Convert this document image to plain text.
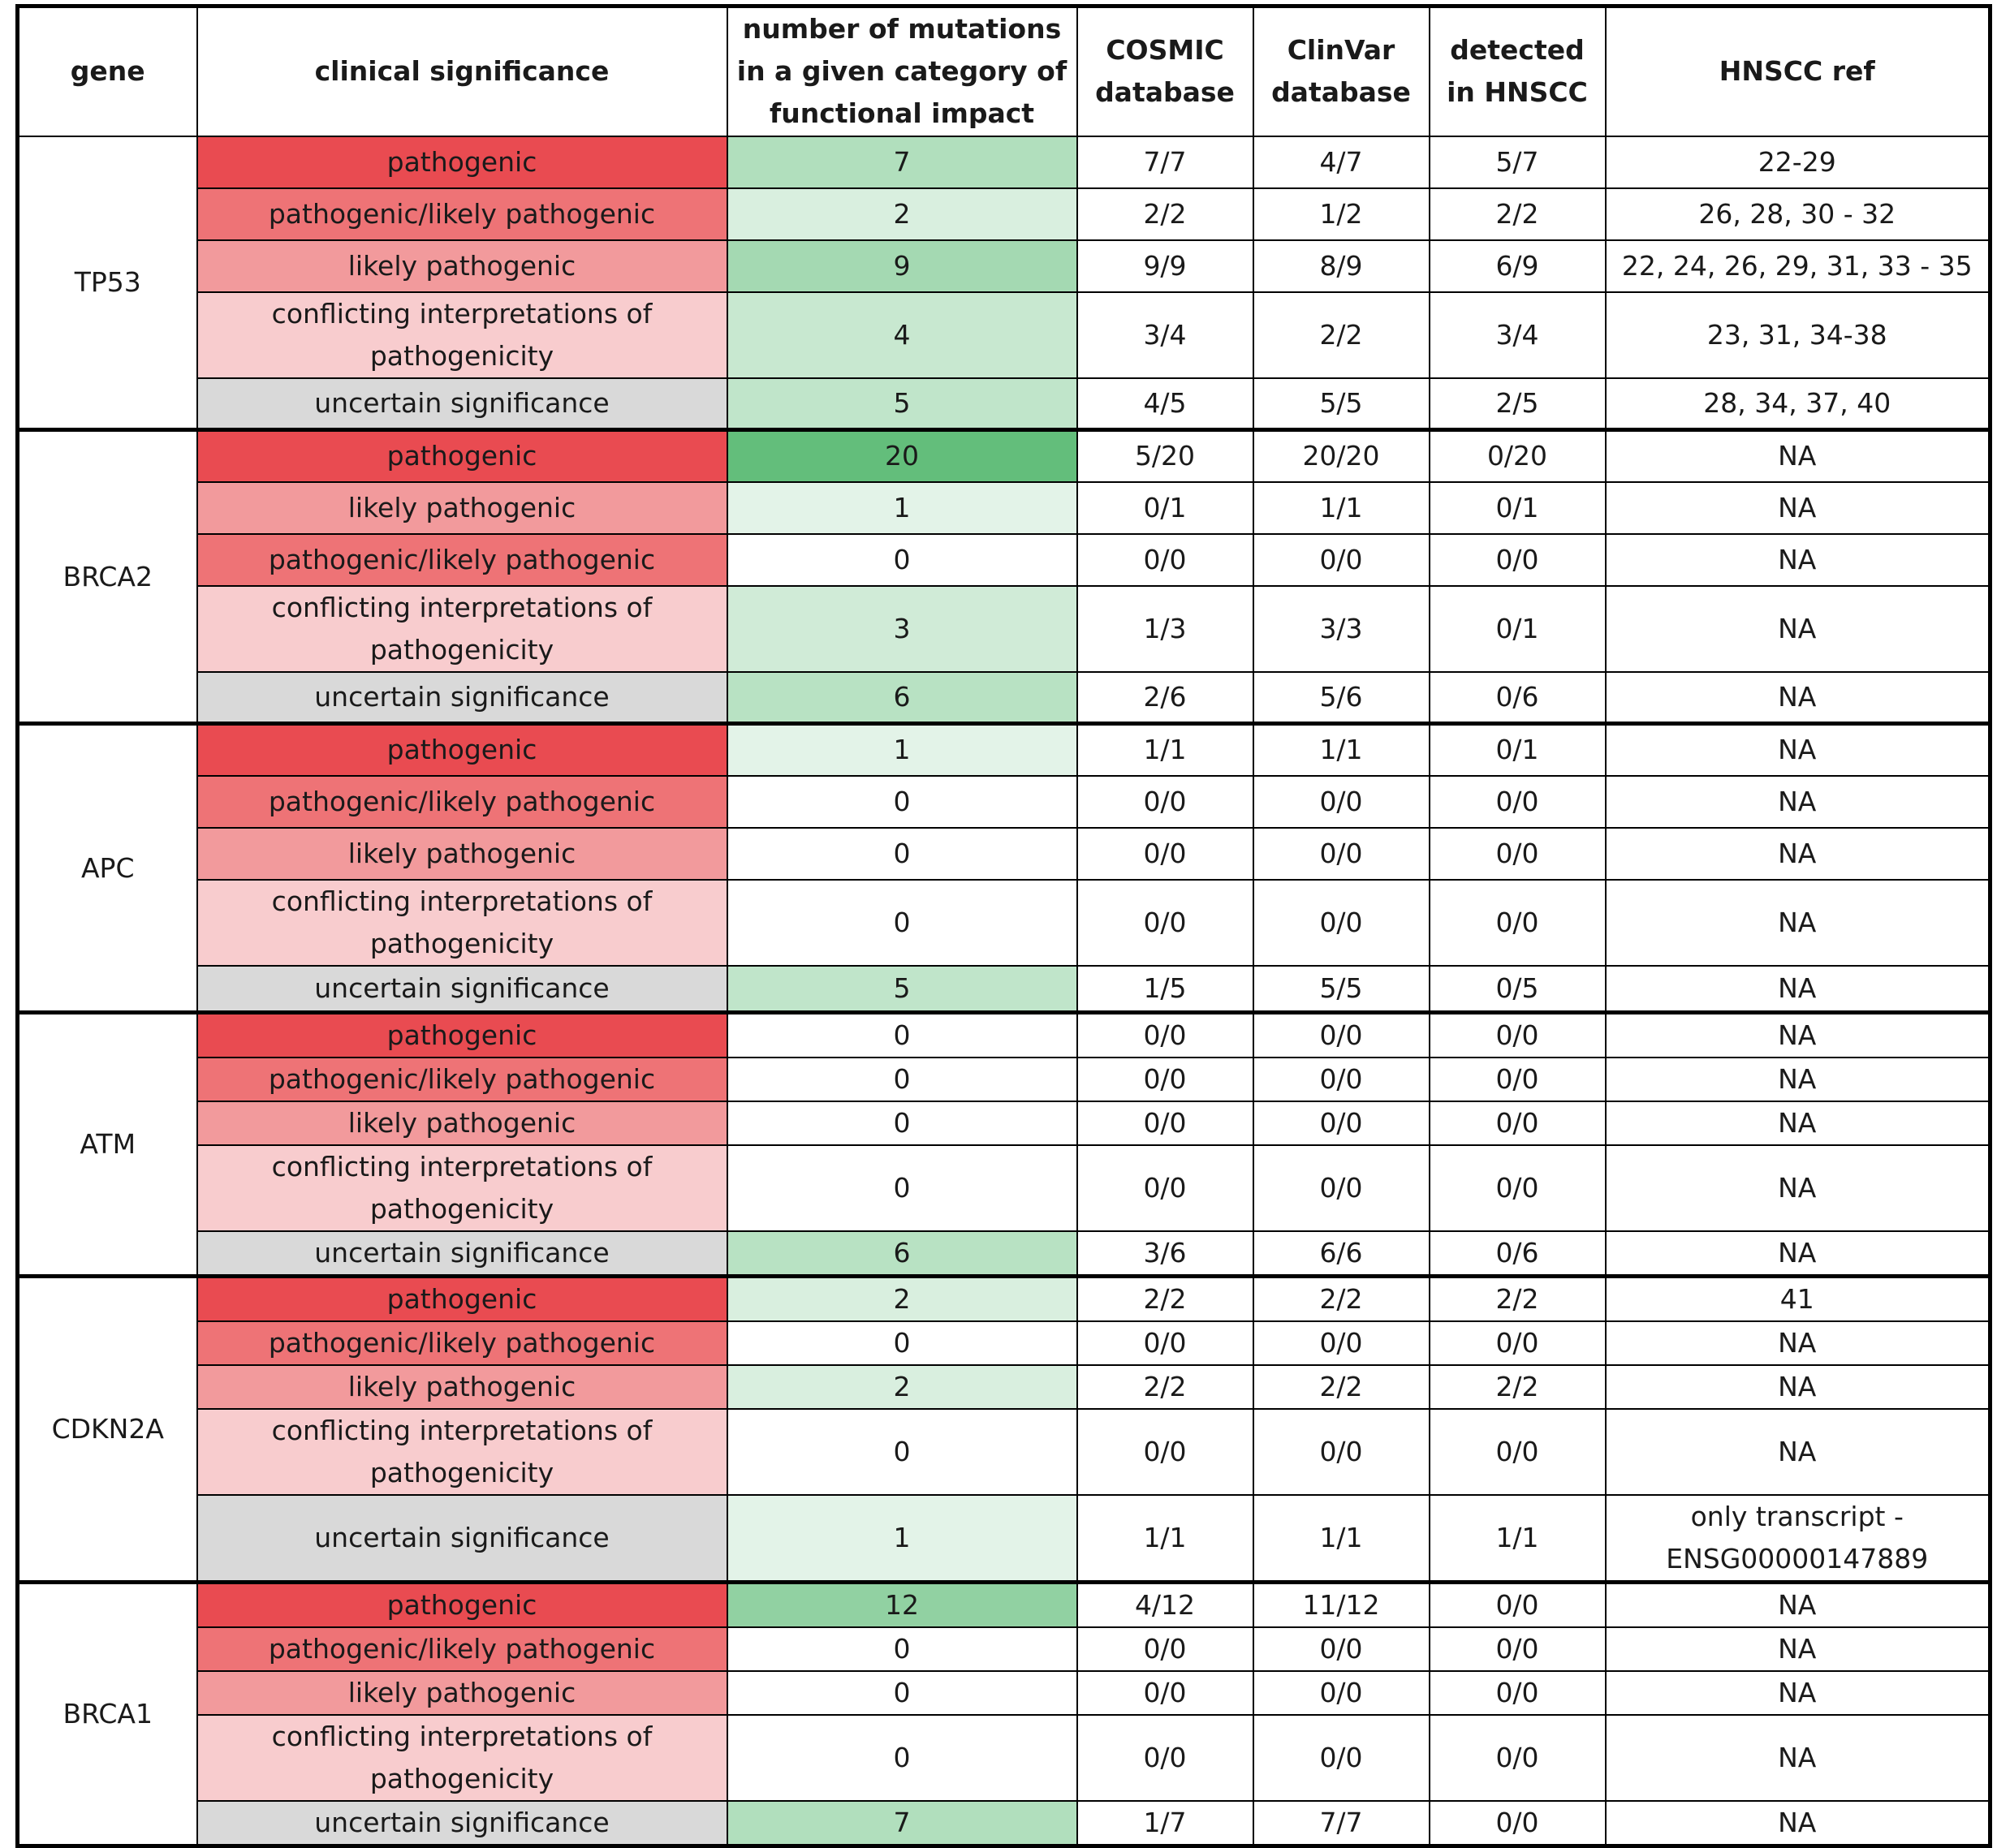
gene	clinical significance	number of mutations in a given category of functional impact	COSMIC database	ClinVar database	detected in HNSCC	HNSCC ref
TP53	pathogenic	7	7/7	4/7	5/7	22-29
	pathogenic/likely pathogenic	2	2/2	1/2	2/2	26, 28, 30 - 32
	likely pathogenic	9	9/9	8/9	6/9	22, 24, 26, 29, 31, 33 - 35
	conflicting interpretations of pathogenicity	4	3/4	2/2	3/4	23, 31, 34-38
	uncertain significance	5	4/5	5/5	2/5	28, 34, 37, 40
BRCA2	pathogenic	20	5/20	20/20	0/20	NA
	likely pathogenic	1	0/1	1/1	0/1	NA
	pathogenic/likely pathogenic	0	0/0	0/0	0/0	NA
	conflicting interpretations of pathogenicity	3	1/3	3/3	0/1	NA
	uncertain significance	6	2/6	5/6	0/6	NA
APC	pathogenic	1	1/1	1/1	0/1	NA
	pathogenic/likely pathogenic	0	0/0	0/0	0/0	NA
	likely pathogenic	0	0/0	0/0	0/0	NA
	conflicting interpretations of pathogenicity	0	0/0	0/0	0/0	NA
	uncertain significance	5	1/5	5/5	0/5	NA
ATM	pathogenic	0	0/0	0/0	0/0	NA
	pathogenic/likely pathogenic	0	0/0	0/0	0/0	NA
	likely pathogenic	0	0/0	0/0	0/0	NA
	conflicting interpretations of pathogenicity	0	0/0	0/0	0/0	NA
	uncertain significance	6	3/6	6/6	0/6	NA
CDKN2A	pathogenic	2	2/2	2/2	2/2	41
	pathogenic/likely pathogenic	0	0/0	0/0	0/0	NA
	likely pathogenic	2	2/2	2/2	2/2	NA
	conflicting interpretations of pathogenicity	0	0/0	0/0	0/0	NA
	uncertain significance	1	1/1	1/1	1/1	only transcript - ENSG00000147889
BRCA1	pathogenic	12	4/12	11/12	0/0	NA
	pathogenic/likely pathogenic	0	0/0	0/0	0/0	NA
	likely pathogenic	0	0/0	0/0	0/0	NA
	conflicting interpretations of pathogenicity	0	0/0	0/0	0/0	NA
	uncertain significance	7	1/7	7/7	0/0	NA
